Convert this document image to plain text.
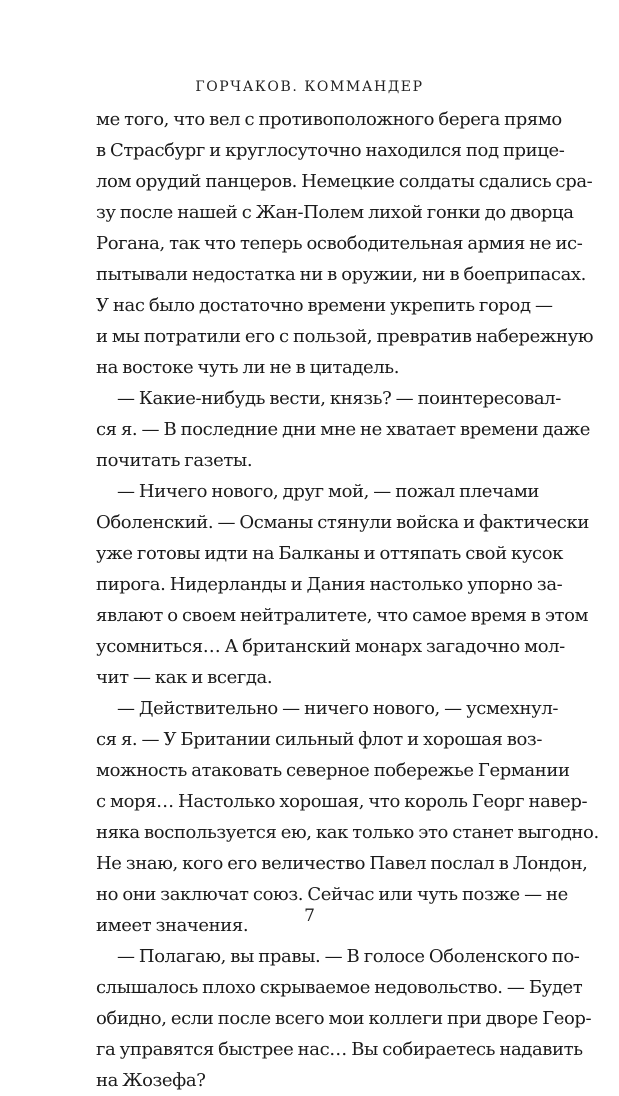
ГОРЧАКОВ. КОММАНДЕР
ме того, что вел с противоположного берега прямо
в Страсбург и круглосуточно находился под прице-
лом орудий панцеров. Немецкие солдаты сдались сра-
зу после нашей с Жан-Полем лихой гонки до дворца
Рогана, так что теперь освободительная армия не ис-
пытывали недостатка ни в оружии, ни в боеприпасах.
У нас было достаточно времени укрепить город —
и мы потратили его с пользой, превратив набережную
на востоке чуть ли не в цитадель.
— Какие-нибудь вести, князь? — поинтересовал-
ся я. — В последние дни мне не хватает времени даже
почитать газеты.
— Ничего нового, друг мой, — пожал плечами
Оболенский. — Османы стянули войска и фактически
уже готовы идти на Балканы и оттяпать свой кусок
пирога. Нидерланды и Дания настолько упорно за-
явлают о своем нейтралитете, что самое время в этом
усомниться… А британский монарх загадочно мол-
чит — как и всегда.
— Действительно — ничего нового, — усмехнул-
ся я. — У Британии сильный флот и хорошая воз-
можность атаковать северное побережье Германии
с моря… Настолько хорошая, что король Георг навер-
няка воспользуется ею, как только это станет выгодно.
Не знаю, кого его величество Павел послал в Лондон,
но они заключат союз. Сейчас или чуть позже — не
имеет значения.
— Полагаю, вы правы. — В голосе Оболенского по-
слышалось плохо скрываемое недовольство. — Будет
обидно, если после всего мои коллеги при дворе Геор-
га управятся быстрее нас… Вы собираетесь надавить
на Жозефа?
7
